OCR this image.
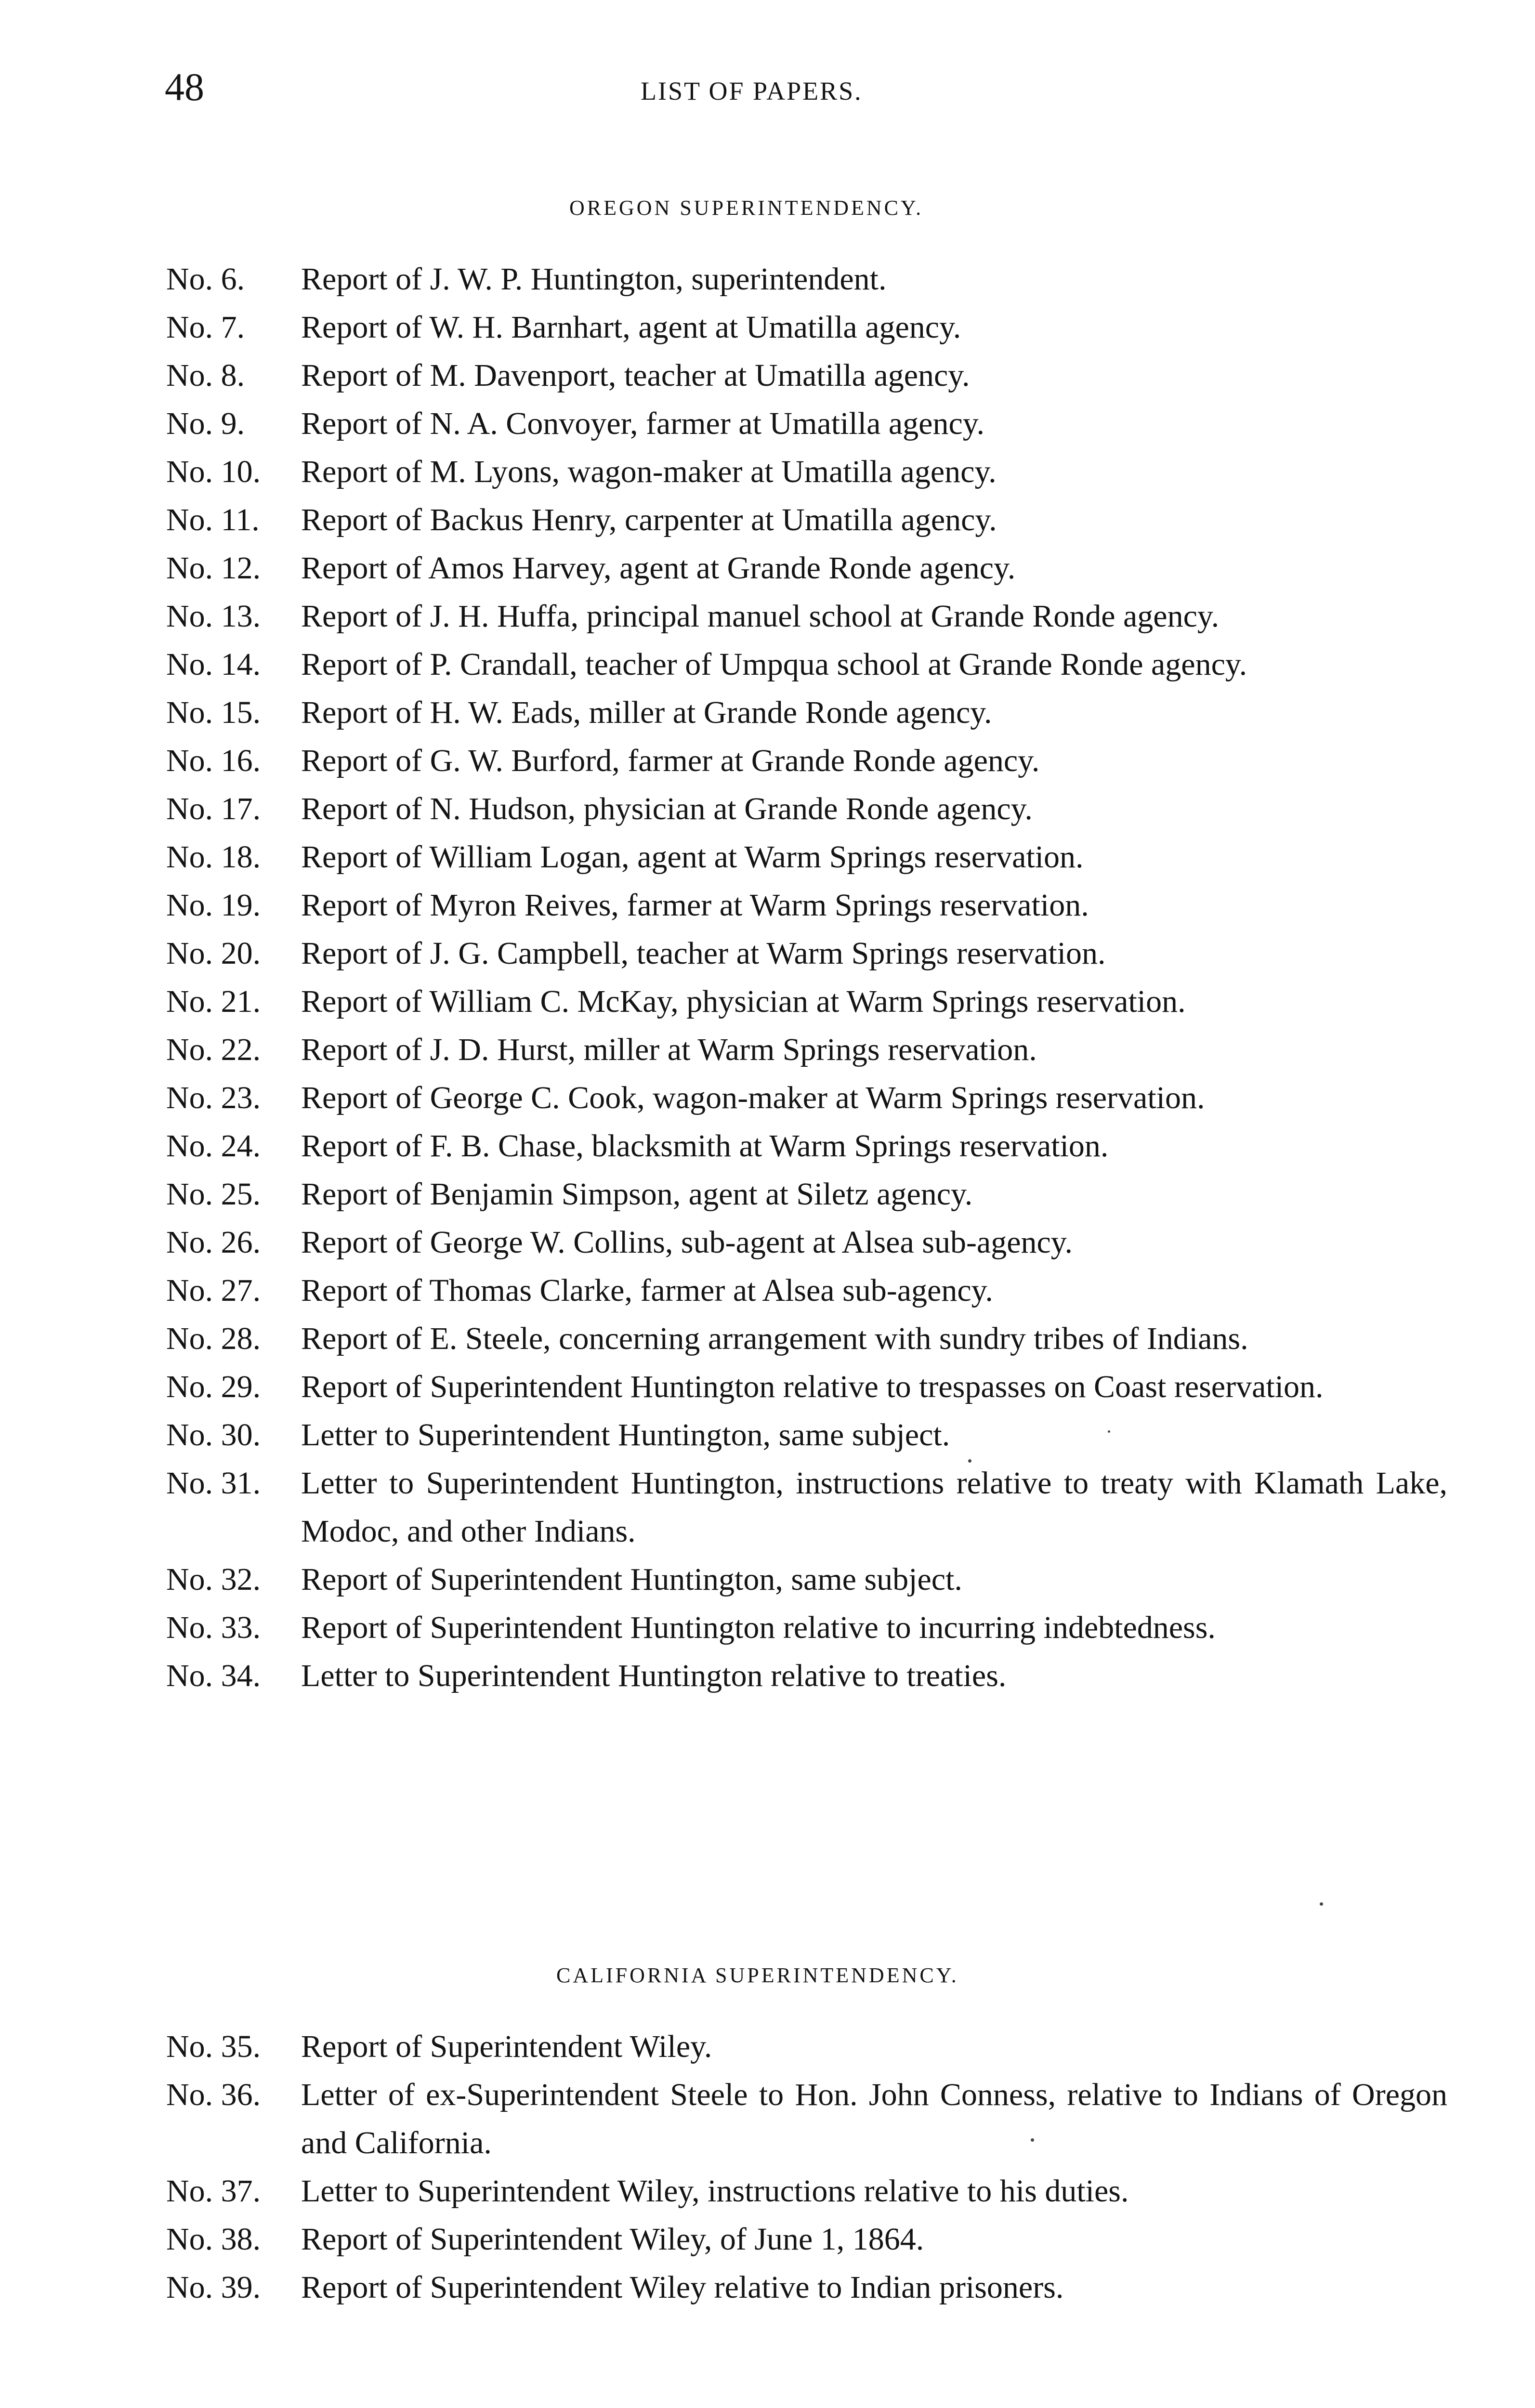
48	LIST OF PAPERS.
OREGON SUPERINTENDENCY.
No. 6.	Report of J. W. P. Huntington, superintendent.
No. 7.	Report of W. H. Barnhart, agent at Umatilla agency.
No. 8.	Report of M. Davenport, teacher at Umatilla agency.
No. 9.	Report of N. A. Convoyer, farmer at Umatilla agency.
No. 10.	Report of M. Lyons, wagon-maker at Umatilla agency.
No. 11.	Report of Backus Henry, carpenter at Umatilla agency.
No. 12.	Report of Amos Harvey, agent at Grande Ronde agency.
No. 13.	Report of J. H. Huffa, principal manuel school at Grande Ronde agency.
No. 14.	Report of P. Crandall, teacher of Umpqua school at Grande Ronde agency.
No. 15.	Report of H. W. Eads, miller at Grande Ronde agency.
No. 16.	Report of G. W. Burford, farmer at Grande Ronde agency.
No. 17.	Report of N. Hudson, physician at Grande Ronde agency.
No. 18.	Report of William Logan, agent at Warm Springs reservation.
No. 19.	Report of Myron Reives, farmer at Warm Springs reservation.
No. 20.	Report of J. G. Campbell, teacher at Warm Springs reservation.
No. 21.	Report of William C. McKay, physician at Warm Springs reservation.
No. 22.	Report of J. D. Hurst, miller at Warm Springs reservation.
No. 23.	Report of George C. Cook, wagon-maker at Warm Springs reservation.
No. 24.	Report of F. B. Chase, blacksmith at Warm Springs reservation.
No. 25.	Report of Benjamin Simpson, agent at Siletz agency.
No. 26.	Report of George W. Collins, sub-agent at Alsea sub-agency.
No. 27.	Report of Thomas Clarke, farmer at Alsea sub-agency.
No. 28.	Report of E. Steele, concerning arrangement with sundry tribes of Indians.
No. 29.	Report of Superintendent Huntington relative to trespasses on Coast reservation.
No. 30.	Letter to Superintendent Huntington, same subject.
No. 31.	Letter to Superintendent Huntington, instructions relative to treaty with Klamath Lake, Modoc, and other Indians.
No. 32.	Report of Superintendent Huntington, same subject.
No. 33.	Report of Superintendent Huntington relative to incurring indebtedness.
No. 34.	Letter to Superintendent Huntington relative to treaties.
CALIFORNIA SUPERINTENDENCY.
No. 35.	Report of Superintendent Wiley.
No. 36.	Letter of ex-Superintendent Steele to Hon. John Conness, relative to Indians of Oregon and California.
No. 37.	Letter to Superintendent Wiley, instructions relative to his duties.
No. 38.	Report of Superintendent Wiley, of June 1, 1864.
No. 39.	Report of Superintendent Wiley relative to Indian prisoners.
